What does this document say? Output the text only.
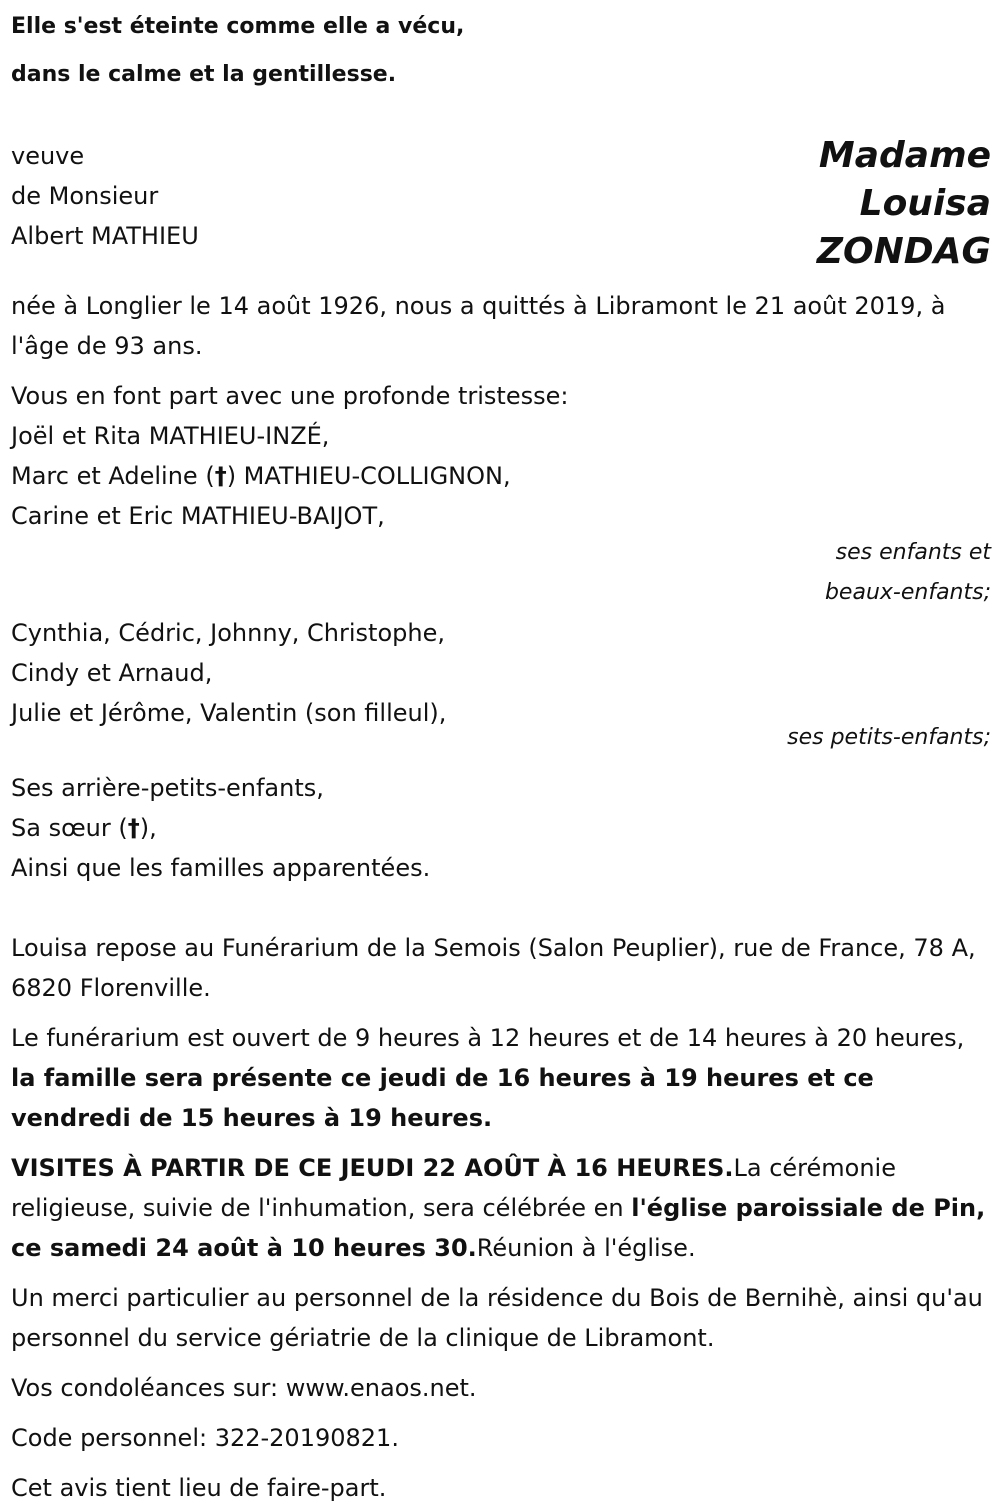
Elle s'est éteinte comme elle a vécu,
dans le calme et la gentillesse.
veuve
de Monsieur
Albert MATHIEU
Madame
Louisa
ZONDAG

née à Longlier le 14 août 1926, nous a quittés à Libramont le 21 août 2019, à l'âge de 93 ans.

Vous en font part avec une profonde tristesse:
Joël et Rita MATHIEU-INZÉ,
Marc et Adeline (†) MATHIEU-COLLIGNON,
Carine et Eric MATHIEU-BAIJOT,
ses enfants et
beaux-enfants;
Cynthia, Cédric, Johnny, Christophe,
Cindy et Arnaud,
Julie et Jérôme, Valentin (son filleul),
ses petits-enfants;
Ses arrière-petits-enfants,
Sa sœur (†),
Ainsi que les familles apparentées.

Louisa repose au Funérarium de la Semois (Salon Peuplier), rue de France, 78 A, 6820 Florenville.

Le funérarium est ouvert de 9 heures à 12 heures et de 14 heures à 20 heures, la famille sera présente ce jeudi de 16 heures à 19 heures et ce vendredi de 15 heures à 19 heures.

VISITES À PARTIR DE CE JEUDI 22 AOÛT À 16 HEURES.La cérémonie religieuse, suivie de l'inhumation, sera célébrée en l'église paroissiale de Pin, ce samedi 24 août à 10 heures 30.Réunion à l'église.

Un merci particulier au personnel de la résidence du Bois de Bernihè, ainsi qu'au personnel du service gériatrie de la clinique de Libramont.

Vos condoléances sur: www.enaos.net.

Code personnel: 322-20190821.

Cet avis tient lieu de faire-part.
